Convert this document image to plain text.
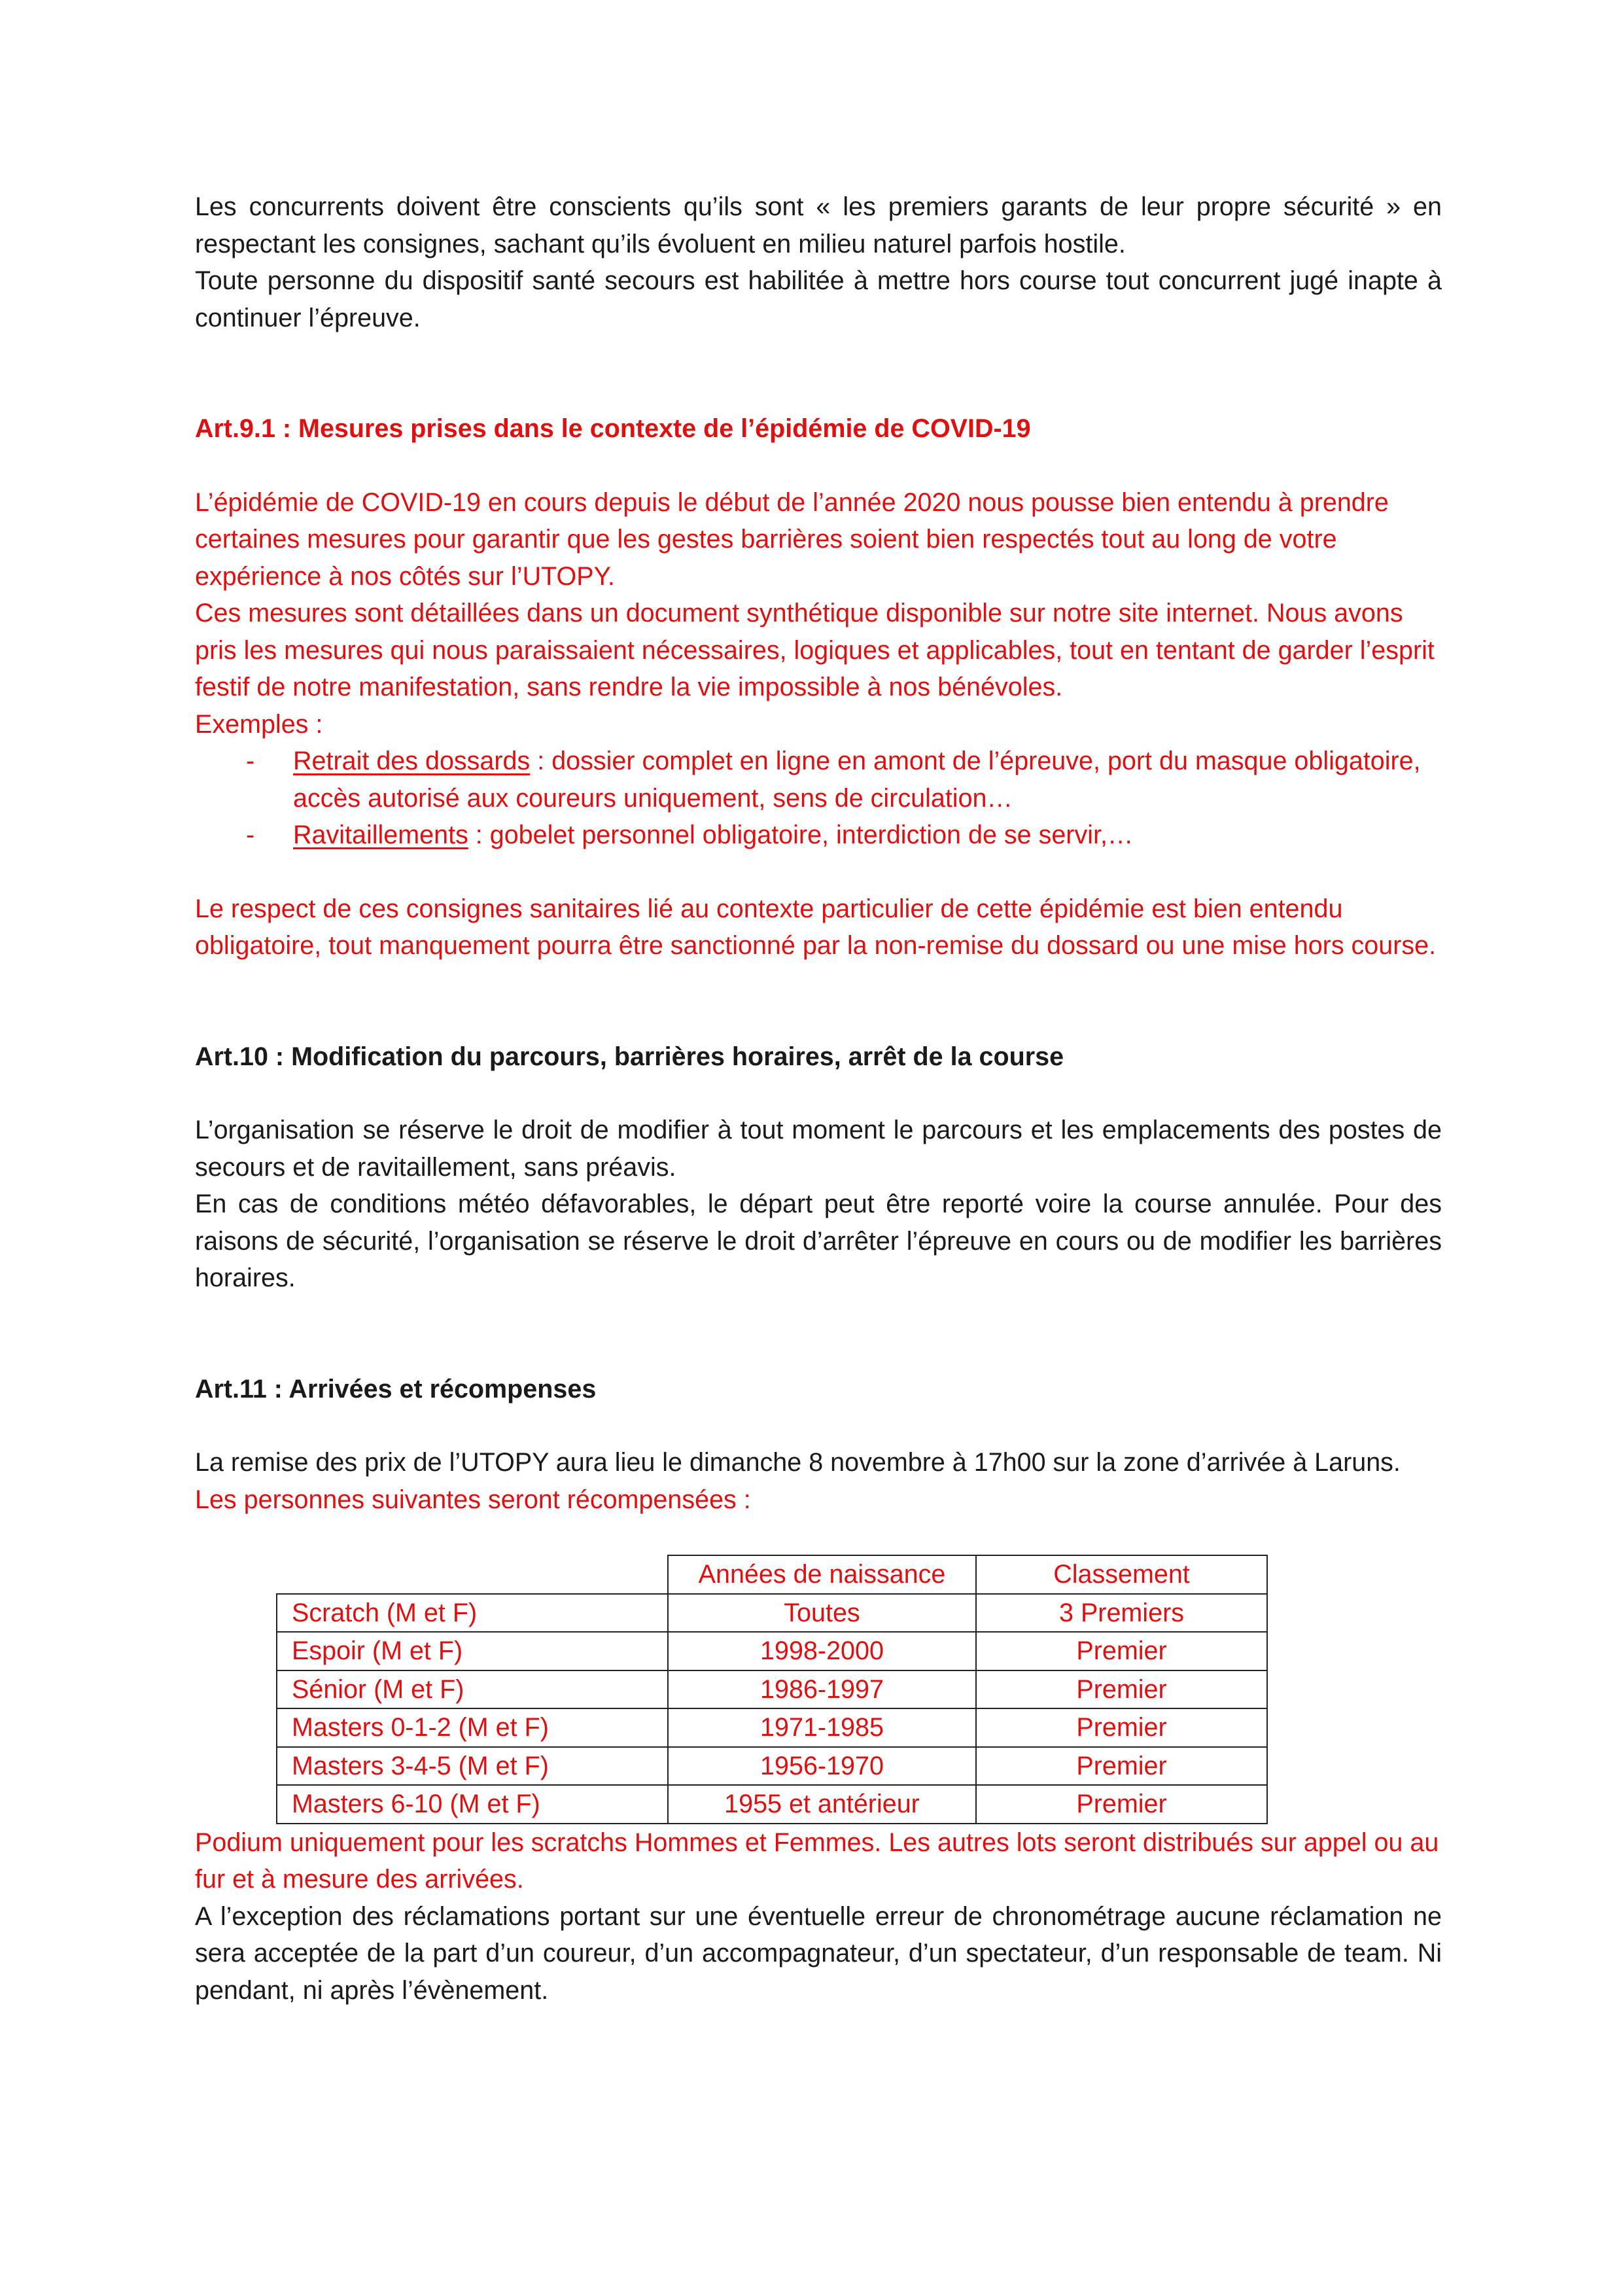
Les concurrents doivent être conscients qu’ils sont « les premiers garants de leur propre sécurité » en respectant les consignes, sachant qu’ils évoluent en milieu naturel parfois hostile.

Toute personne du dispositif santé secours est habilitée à mettre hors course tout concurrent jugé inapte à continuer l’épreuve.

Art.9.1 : Mesures prises dans le contexte de l’épidémie de COVID-19

L’épidémie de COVID-19 en cours depuis le début de l’année 2020 nous pousse bien entendu à prendre certaines mesures pour garantir que les gestes barrières soient bien respectés tout au long de votre expérience à nos côtés sur l’UTOPY.

Ces mesures sont détaillées dans un document synthétique disponible sur notre site internet. Nous avons pris les mesures qui nous paraissaient nécessaires, logiques et applicables, tout en tentant de garder l’esprit festif de notre manifestation, sans rendre la vie impossible à nos bénévoles.

Exemples :

- Retrait des dossards : dossier complet en ligne en amont de l’épreuve, port du masque obligatoire, accès autorisé aux coureurs uniquement, sens de circulation…
- Ravitaillements : gobelet personnel obligatoire, interdiction de se servir,…

Le respect de ces consignes sanitaires lié au contexte particulier de cette épidémie est bien entendu obligatoire, tout manquement pourra être sanctionné par la non-remise du dossard ou une mise hors course.

Art.10 : Modification du parcours, barrières horaires, arrêt de la course

L’organisation se réserve le droit de modifier à tout moment le parcours et les emplacements des postes de secours et de ravitaillement, sans préavis.

En cas de conditions météo défavorables, le départ peut être reporté voire la course annulée. Pour des raisons de sécurité, l’organisation se réserve le droit d’arrêter l’épreuve en cours ou de modifier les barrières horaires.

Art.11 : Arrivées et récompenses

La remise des prix de l’UTOPY aura lieu le dimanche 8 novembre à 17h00 sur la zone d’arrivée à Laruns.

Les personnes suivantes seront récompensées :

	Années de naissance	Classement
Scratch (M et F)	Toutes	3 Premiers
Espoir (M et F)	1998-2000	Premier
Sénior (M et F)	1986-1997	Premier
Masters 0-1-2 (M et F)	1971-1985	Premier
Masters 3-4-5 (M et F)	1956-1970	Premier
Masters 6-10 (M et F)	1955 et antérieur	Premier

Podium uniquement pour les scratchs Hommes et Femmes. Les autres lots seront distribués sur appel ou au fur et à mesure des arrivées.

A l’exception des réclamations portant sur une éventuelle erreur de chronométrage aucune réclamation ne sera acceptée de la part d’un coureur, d’un accompagnateur, d’un spectateur, d’un responsable de team. Ni pendant, ni après l’évènement.
